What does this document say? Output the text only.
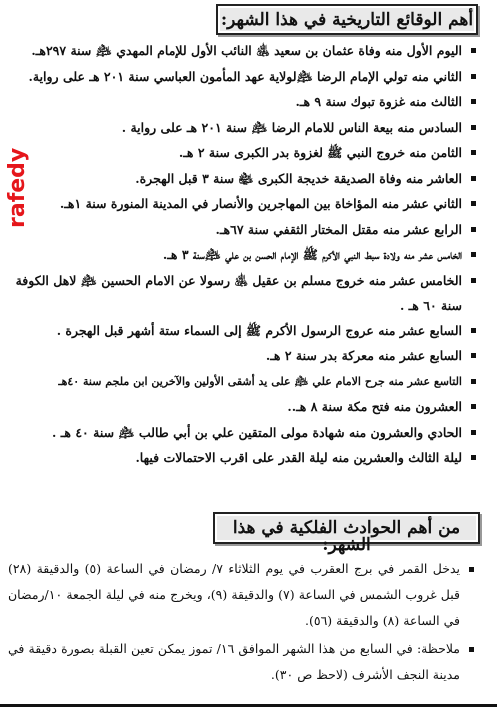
أهم الوقائع التاريخية في هذا الشهر:
اليوم الأول منه وفاة عثمان بن سعيد ﵁ النائب الأول للإمام المهدي ﵇ سنة ٢٩٧هـ.
الثاني منه تولي الإمام الرضا ﵇لولاية عهد المأمون العباسي سنة ٢٠١ هـ على رواية.
الثالث منه غزوة تبوك سنة ٩ هـ.
السادس منه بيعة الناس للامام الرضا ﵇ سنة ٢٠١ هـ على رواية .
الثامن منه خروج النبي ﷺ لغزوة بدر الكبرى سنة ٢ هـ.
العاشر منه وفاة الصديقة خديجة الكبرى ﵍ سنة ٣ قبل الهجرة.
الثاني عشر منه المؤاخاة بين المهاجرين والأنصار في المدينة المنورة سنة ١هـ.
الرابع عشر منه مقتل المختار الثقفي سنة ٦٧هـ.
الخامس عشر منه ولادة سبط النبي الأكرم ﷺ الإمام الحسن بن علي ﵇سنة ٣ هـ.
الخامس عشر منه خروج مسلم بن عقيل ﵁ رسولا عن الامام الحسين ﵇ لاهل الكوفة سنة ٦٠ هـ .
السابع عشر منه عروج الرسول الأكرم ﷺ إلى السماء ستة أشهر قبل الهجرة .
السابع عشر منه معركة بدر سنة ٢ هـ.
التاسع عشر منه جرح الامام علي ﵇ على يد أشقى الأولين والآخرين ابن ملجم سنة ٤٠هـ
العشرون منه فتح مكة سنة ٨ هـ..
الحادي والعشرون منه شهادة مولى المتقين علي بن أبي طالب ﵇ سنة ٤٠ هـ .
ليلة الثالث والعشرين منه ليلة القدر على اقرب الاحتمالات فيها.
من أهم الحوادث الفلكية في هذا الشهر:
يدخل القمر في برج العقرب في يوم الثلاثاء ٧/ رمضان في الساعة (٥) والدقيقة (٢٨) قبل غروب الشمس في الساعة (٧) والدقيقة (٩)، ويخرج منه في ليلة الجمعة ١٠/رمضان في الساعة (٨) والدقيقة (٥٦).
ملاحظة: في السابع من هذا الشهر الموافق ١٦/ تموز يمكن تعين القبلة بصورة دقيقة في مدينة النجف الأشرف (لاحظ ص ٣٠).
rafedy
